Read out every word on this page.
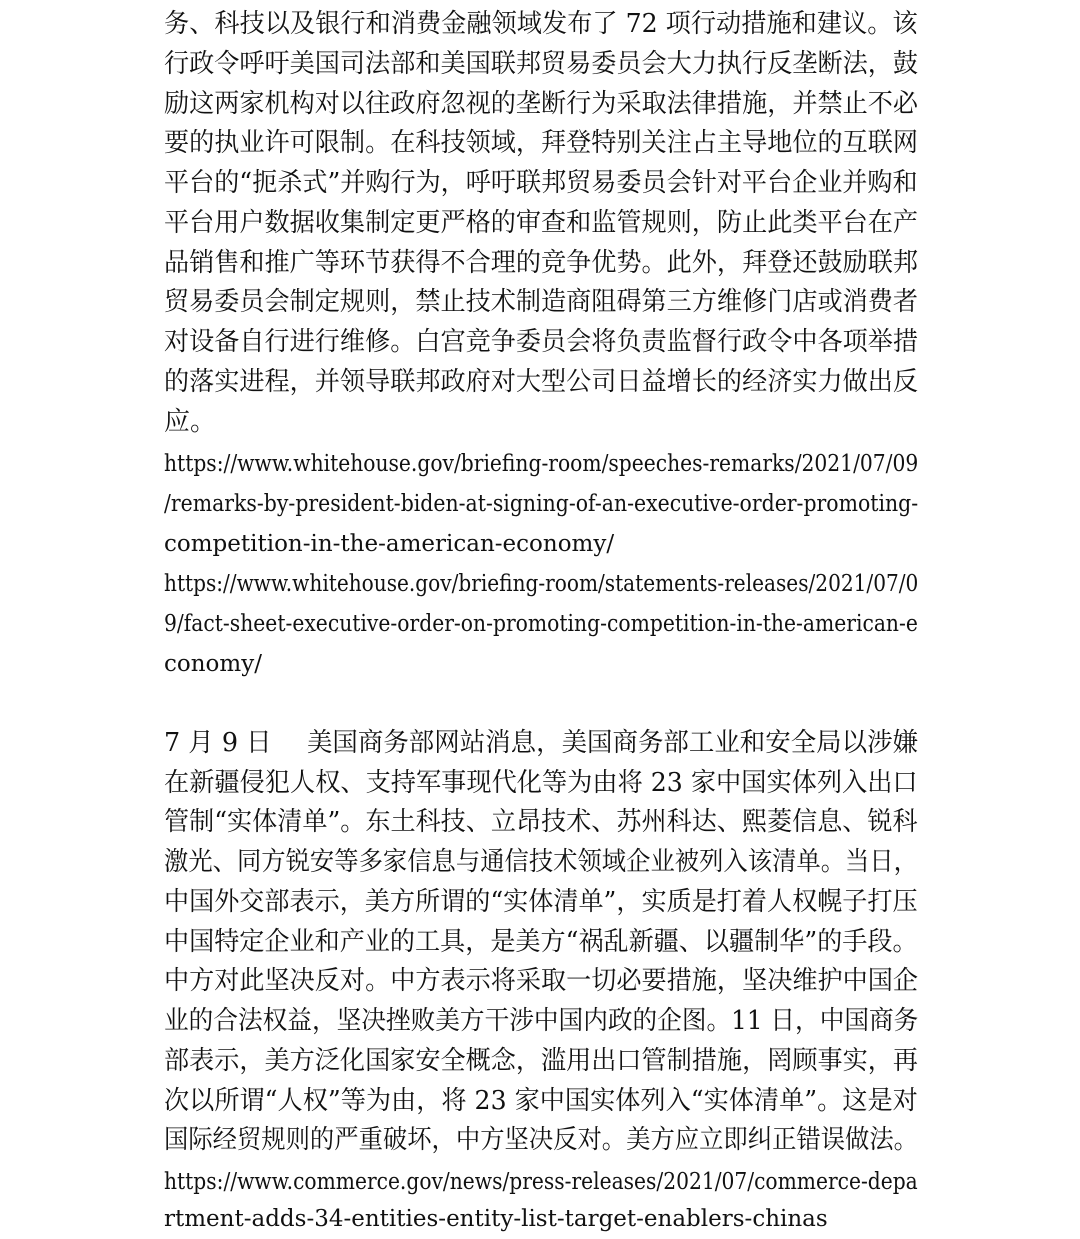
务、科技以及银行和消费金融领域发布了 72 项行动措施和建议。该
行政令呼吁美国司法部和美国联邦贸易委员会大力执行反垄断法，鼓
励这两家机构对以往政府忽视的垄断行为采取法律措施，并禁止不必
要的执业许可限制。在科技领域，拜登特别关注占主导地位的互联网
平台的“扼杀式”并购行为，呼吁联邦贸易委员会针对平台企业并购和
平台用户数据收集制定更严格的审查和监管规则，防止此类平台在产
品销售和推广等环节获得不合理的竞争优势。此外，拜登还鼓励联邦
贸易委员会制定规则，禁止技术制造商阻碍第三方维修门店或消费者
对设备自行进行维修。白宫竞争委员会将负责监督行政令中各项举措
的落实进程，并领导联邦政府对大型公司日益增长的经济实力做出反
应。
https://www.whitehouse.gov/briefing-room/speeches-remarks/2021/07/09
/remarks-by-president-biden-at-signing-of-an-executive-order-promoting-
competition-in-the-american-economy/
https://www.whitehouse.gov/briefing-room/statements-releases/2021/07/0
9/fact-sheet-executive-order-on-promoting-competition-in-the-american-e
conomy/
7 月 9 日 美国商务部网站消息，美国商务部工业和安全局以涉嫌
在新疆侵犯人权、支持军事现代化等为由将 23 家中国实体列入出口
管制“实体清单”。东土科技、立昂技术、苏州科达、熙菱信息、锐科
激光、同方锐安等多家信息与通信技术领域企业被列入该清单。当日，
中国外交部表示，美方所谓的“实体清单”，实质是打着人权幌子打压
中国特定企业和产业的工具，是美方“祸乱新疆、以疆制华”的手段。
中方对此坚决反对。中方表示将采取一切必要措施，坚决维护中国企
业的合法权益，坚决挫败美方干涉中国内政的企图。11 日，中国商务
部表示，美方泛化国家安全概念，滥用出口管制措施，罔顾事实，再
次以所谓“人权”等为由，将 23 家中国实体列入“实体清单”。这是对
国际经贸规则的严重破坏，中方坚决反对。美方应立即纠正错误做法。
https://www.commerce.gov/news/press-releases/2021/07/commerce-depa
rtment-adds-34-entities-entity-list-target-enablers-chinas
